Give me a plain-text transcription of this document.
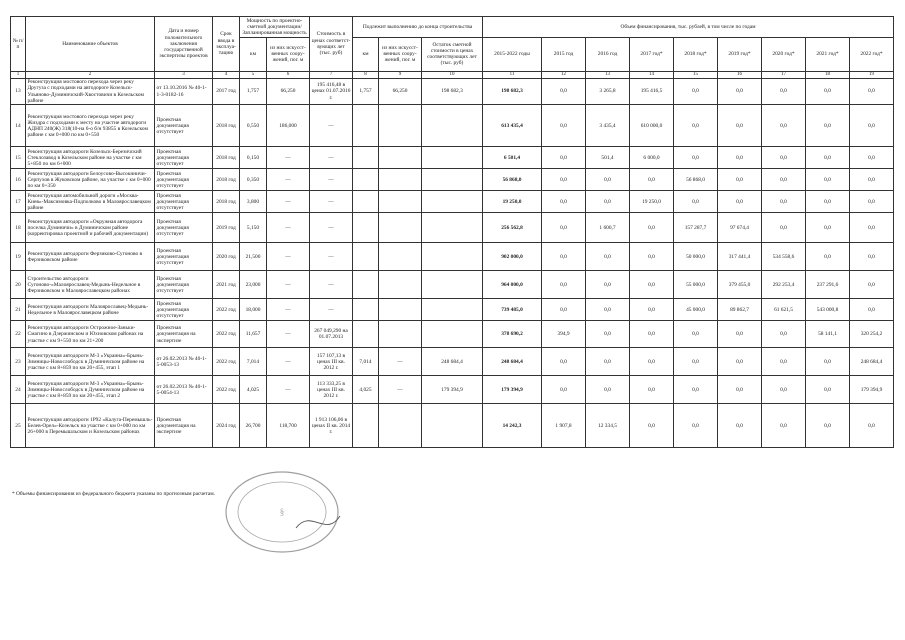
№ п/п	Наименование объектов	Дата и номер положительного заключения государственной экспертизы проектов	Срок ввода в эксплуа-тацию	Мощность по проектно-сметной документации/ Запланированная мощность		Стоимость в ценах соответст-вующих лет (тыс. руб)	Подлежит выполнению до конца строительства			Объем финансирования, тыс. рублей, в том числе по годам								
				км	из них искусст-венных соору-жений, пог. м		км	из них искусст-венных соору-жений, пог. м	Остаток сметной стоимости в ценах соответствующих лет (тыс. руб)	2015-2022 годы	2015 год	2016 год	2017 год*	2018 год*	2019 год*	2020 год*	2021 год*	2022 год*
1	2	3	4	5	6	7	8	9	10	11	12	13	14	15	16	17	18	19
13	Реконструкция мостового перехода через реку Другуза с подходами на автодороге Козельск-Ульяново-Думиничский-Хвостовичи в Козельском районе	от 13.10.2016 № 40-1-1-3-0182-16	2017 год	1,757	66,250	195 416,48 в ценах 01.07.2016 г.	1,757	66,250	198 682,3	198 682,3	0,0	3 265,8	195 416,5	0,0	0,0	0,0	0,0	0,0
14	Реконструкция мостового перехода через реку Жиздра с подходами к месту на участие автодороги АДНП 240(Ж) 318(10-на 6-о б/н 93855 в Козельском районе с км 0+000 по км 0+550	Проектная документация отсутствует	2018 год	0,550	186,000	—				613 435,4	0,0	3 435,4	610 000,0	0,0	0,0	0,0	0,0	0,0
15	Реконструкция автодороги Козельск-Березичский Стеклозавод в Козельском районе на участке с км 5+850 по км 6+000	Проектная документация отсутствует	2018 год	0,150	—	—				6 501,4	0,0	501,4	6 000,0	0,0	0,0	0,0	0,0	0,0
16	Реконструкция автодороги Белоусово-Высокиничи-Серпухов в Жуковском районе, на участке с км 0+000 по км 0+350	Проектная документация отсутствует	2018 год	0,350	—	—				56 868,0	0,0	0,0	0,0	56 868,0	0,0	0,0	0,0	0,0
17	Реконструкция автомобильной дороги «Москва-Киев»-Максимовка-Подполково в Малоярославецком районе	Проектная документация отсутствует	2018 год	3,800	—	—				19 250,0	0,0	0,0	19 250,0	0,0	0,0	0,0	0,0	0,0
18	Реконструкция автодороги «Окружная автодорога поселка Думиничи» в Думиничском районе (корректировка проектной и рабочей документации)	Проектная документация отсутствует	2019 год	5,150	—	—				256 562,8	0,0	1 600,7	0,0	157 287,7	97 674,4	0,0	0,0	0,0
19	Реконструкция автодороги Ферзиково-Сугоново в Ферзиковском районе	Проектная документация отсутствует	2020 год	21,500	—	—				902 000,0	0,0	0,0	0,0	50 000,0	317 441,4	534 558,6	0,0	0,0
20	Строительство автодороги Сугоново-«Малоярославец-Медынь-Недельное в Ферзиковском и Малоярославецком районах	Проектная документация отсутствует	2021 год	23,000	—	—				964 000,0	0,0	0,0	0,0	55 000,0	379 455,0	292 253,4	237 291,6	0,0
21	Реконструкция автодороги Малоярославец-Медынь-Недельное в Малоярославецком районе	Проектная документация отсутствует	2022 год	18,000	—	—				739 485,0	0,0	0,0	0,0	45 000,0	89 862,7	61 621,5	543 000,8	0,0
22	Реконструкция автодороги Острожное-Заньки-Смагино в Дзержинском и Юхновском районах на участке с км 9+550 по км 21+200	Проектная документация на экспертизе	2022 год	11,657	—	267 049,290 на 01.07.2013				378 690,2	394,9	0,0	0,0	0,0	0,0	0,0	58 141,1	320 254,2
23	Реконструкция автодороги М-3 «Украина»-Брынь-Зимницы-Новослободск в Думиничском районе на участке с км 8+859 по км 20+455, этап 1	от 26.02.2013 № 40-1-5-0053-13	2022 год	7,014	—	157 107,13 в ценах III кв. 2012 г.	7,014	—	248 684,4	248 684,4	0,0	0,0	0,0	0,0	0,0	0,0	0,0	248 684,4
24	Реконструкция автодороги М-3 «Украина»-Брынь-Зимницы-Новослободск в Думиничском районе на участке с км 8+859 по км 20+455, этап 2	от 26.02.2013 № 40-1-5-0054-13	2022 год	4,025	—	113 333,25 в ценах III кв. 2012 г.	4,025	—	179 394,9	179 394,9	0,0	0,0	0,0	0,0	0,0	0,0	0,0	179 394,9
25	Реконструкция автодороги 1Р92 «Калуга-Перемышль-Белев-Орел»-Козельск на участке с км 0+000 по км 26+000 в Перемышльском и Козельском районах	Проектная документация на экспертизе	2024 год	26,700	118,700	1 913 106,06 в ценах II кв. 2014 г.				14 242,3	1 907,8	12 334,5	0,0	0,0	0,0	0,0	0,0	0,0
§
* Объемы финансирования из федерального бюджета указаны по прогнозным расчетам.
